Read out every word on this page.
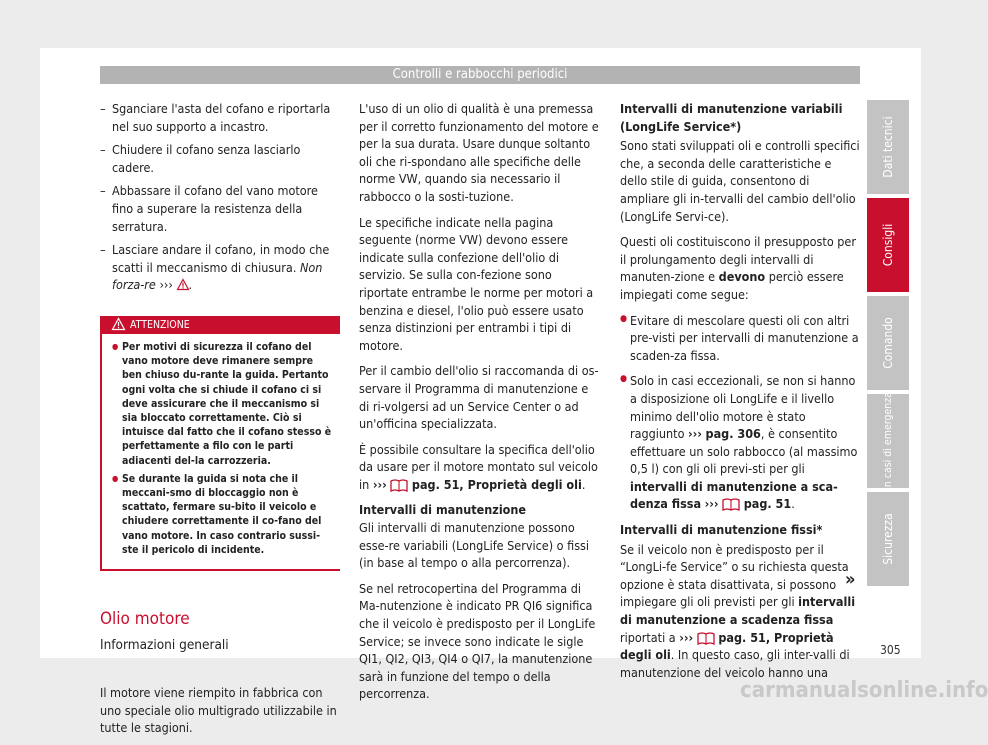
Controlli e rabbocchi periodici
– Sganciare l'asta del cofano e riportarla nel suo supporto a incastro.
– Chiudere il cofano senza lasciarlo cadere.
– Abbassare il cofano del vano motore fino a superare la resistenza della serratura.
– Lasciare andare il cofano, in modo che scatti il meccanismo di chiusura. Non forza-re ››› .
ATTENZIONE
● Per motivi di sicurezza il cofano del vano motore deve rimanere sempre ben chiuso du-rante la guida. Pertanto ogni volta che si chiude il cofano ci si deve assicurare che il meccanismo si sia bloccato correttamente. Ciò si intuisce dal fatto che il cofano stesso è perfettamente a filo con le parti adiacenti del-la carrozzeria.
● Se durante la guida si nota che il meccani-smo di bloccaggio non è scattato, fermare su-bito il veicolo e chiudere correttamente il co-fano del vano motore. In caso contrario sussi-ste il pericolo di incidente.
Olio motore
Informazioni generali

Il motore viene riempito in fabbrica con uno speciale olio multigrado utilizzabile in tutte le stagioni.

L'uso di un olio di qualità è una premessa per il corretto funzionamento del motore e per la sua durata. Usare dunque soltanto oli che ri-spondano alle specifiche delle norme VW, quando sia necessario il rabbocco o la sosti-tuzione.

Le specifiche indicate nella pagina seguente (norme VW) devono essere indicate sulla confezione dell'olio di servizio. Se sulla con-fezione sono riportate entrambe le norme per motori a benzina e diesel, l'olio può essere usato senza distinzioni per entrambi i tipi di motore.

Per il cambio dell'olio si raccomanda di os-servare il Programma di manutenzione e di ri-volgersi ad un Service Center o ad un'officina specializzata.

È possibile consultare la specifica dell'olio da usare per il motore montato sul veicolo in ››› pag. 51, Proprietà degli oli.

Intervalli di manutenzione

Gli intervalli di manutenzione possono esse-re variabili (LongLife Service) o fissi (in base al tempo o alla percorrenza).

Se nel retrocopertina del Programma di Ma-nutenzione è indicato PR QI6 significa che il veicolo è predisposto per il LongLife Service; se invece sono indicate le sigle QI1, QI2, QI3, QI4 o QI7, la manutenzione sarà in funzione del tempo o della percorrenza.

Intervalli di manutenzione variabili (LongLife Service*)

Sono stati sviluppati oli e controlli specifici che, a seconda delle caratteristiche e dello stile di guida, consentono di ampliare gli in-tervalli del cambio dell'olio (LongLife Servi-ce).

Questi oli costituiscono il presupposto per il prolungamento degli intervalli di manuten-zione e devono perciò essere impiegati come segue:

● Evitare di mescolare questi oli con altri pre-visti per intervalli di manutenzione a scaden-za fissa.
● Solo in casi eccezionali, se non si hanno a disposizione oli LongLife e il livello minimo dell'olio motore è stato raggiunto ››› pag. 306, è consentito effettuare un solo rabbocco (al massimo 0,5 l) con gli oli previ-sti per gli intervalli di manutenzione a sca-denza fissa ››› pag. 51.

Intervalli di manutenzione fissi*

Se il veicolo non è predisposto per il “LongLi-fe Service” o su richiesta questa opzione è stata disattivata, si possono impiegare gli oli previsti per gli intervalli di manutenzione a scadenza fissa riportati a ››› pag. 51, Proprietà degli oli. In questo caso, gli inter-valli di manutenzione del veicolo hanno una

»
Dati tecnici
Consigli
Comando
In casi di emergenza
Sicurezza
305
carmanualsonline.info
